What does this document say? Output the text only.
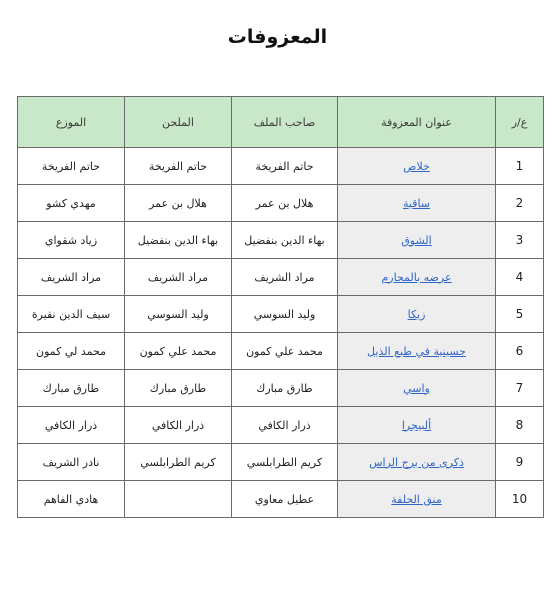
المعزوفات
ع/ر	عنوان المعزوفة	صاحب الملف	الملحن	الموزع
1	خلاص	حاتم الفريخة	حاتم الفريخة	حاتم الفريخة
2	ساقية	هلال بن عمر	هلال بن عمر	مهدي كشو
3	الشوق	بهاء الدين بنفضيل	بهاء الدين بنفضيل	زياد شقواي
4	عرضه بالمحارم	مراد الشريف	مراد الشريف	مراد الشريف
5	زيكا	وليد السوسي	وليد السوسي	سيف الدين نقيرة
6	حسينية في طبع الذيل	محمد علي كمون	محمد علي كمون	محمد لي كمون
7	واسي	طارق مبارك	طارق مبارك	طارق مبارك
8	ألبيجرا	ذرار الكافي	ذرار الكافي	ذرار الكافي
9	ذكرى من برج الراس	كريم الطرابلسي	كريم الطرابلسي	نادر الشريف
10	منق الحلفة	عطيل معاوي		هادي الفاهم
